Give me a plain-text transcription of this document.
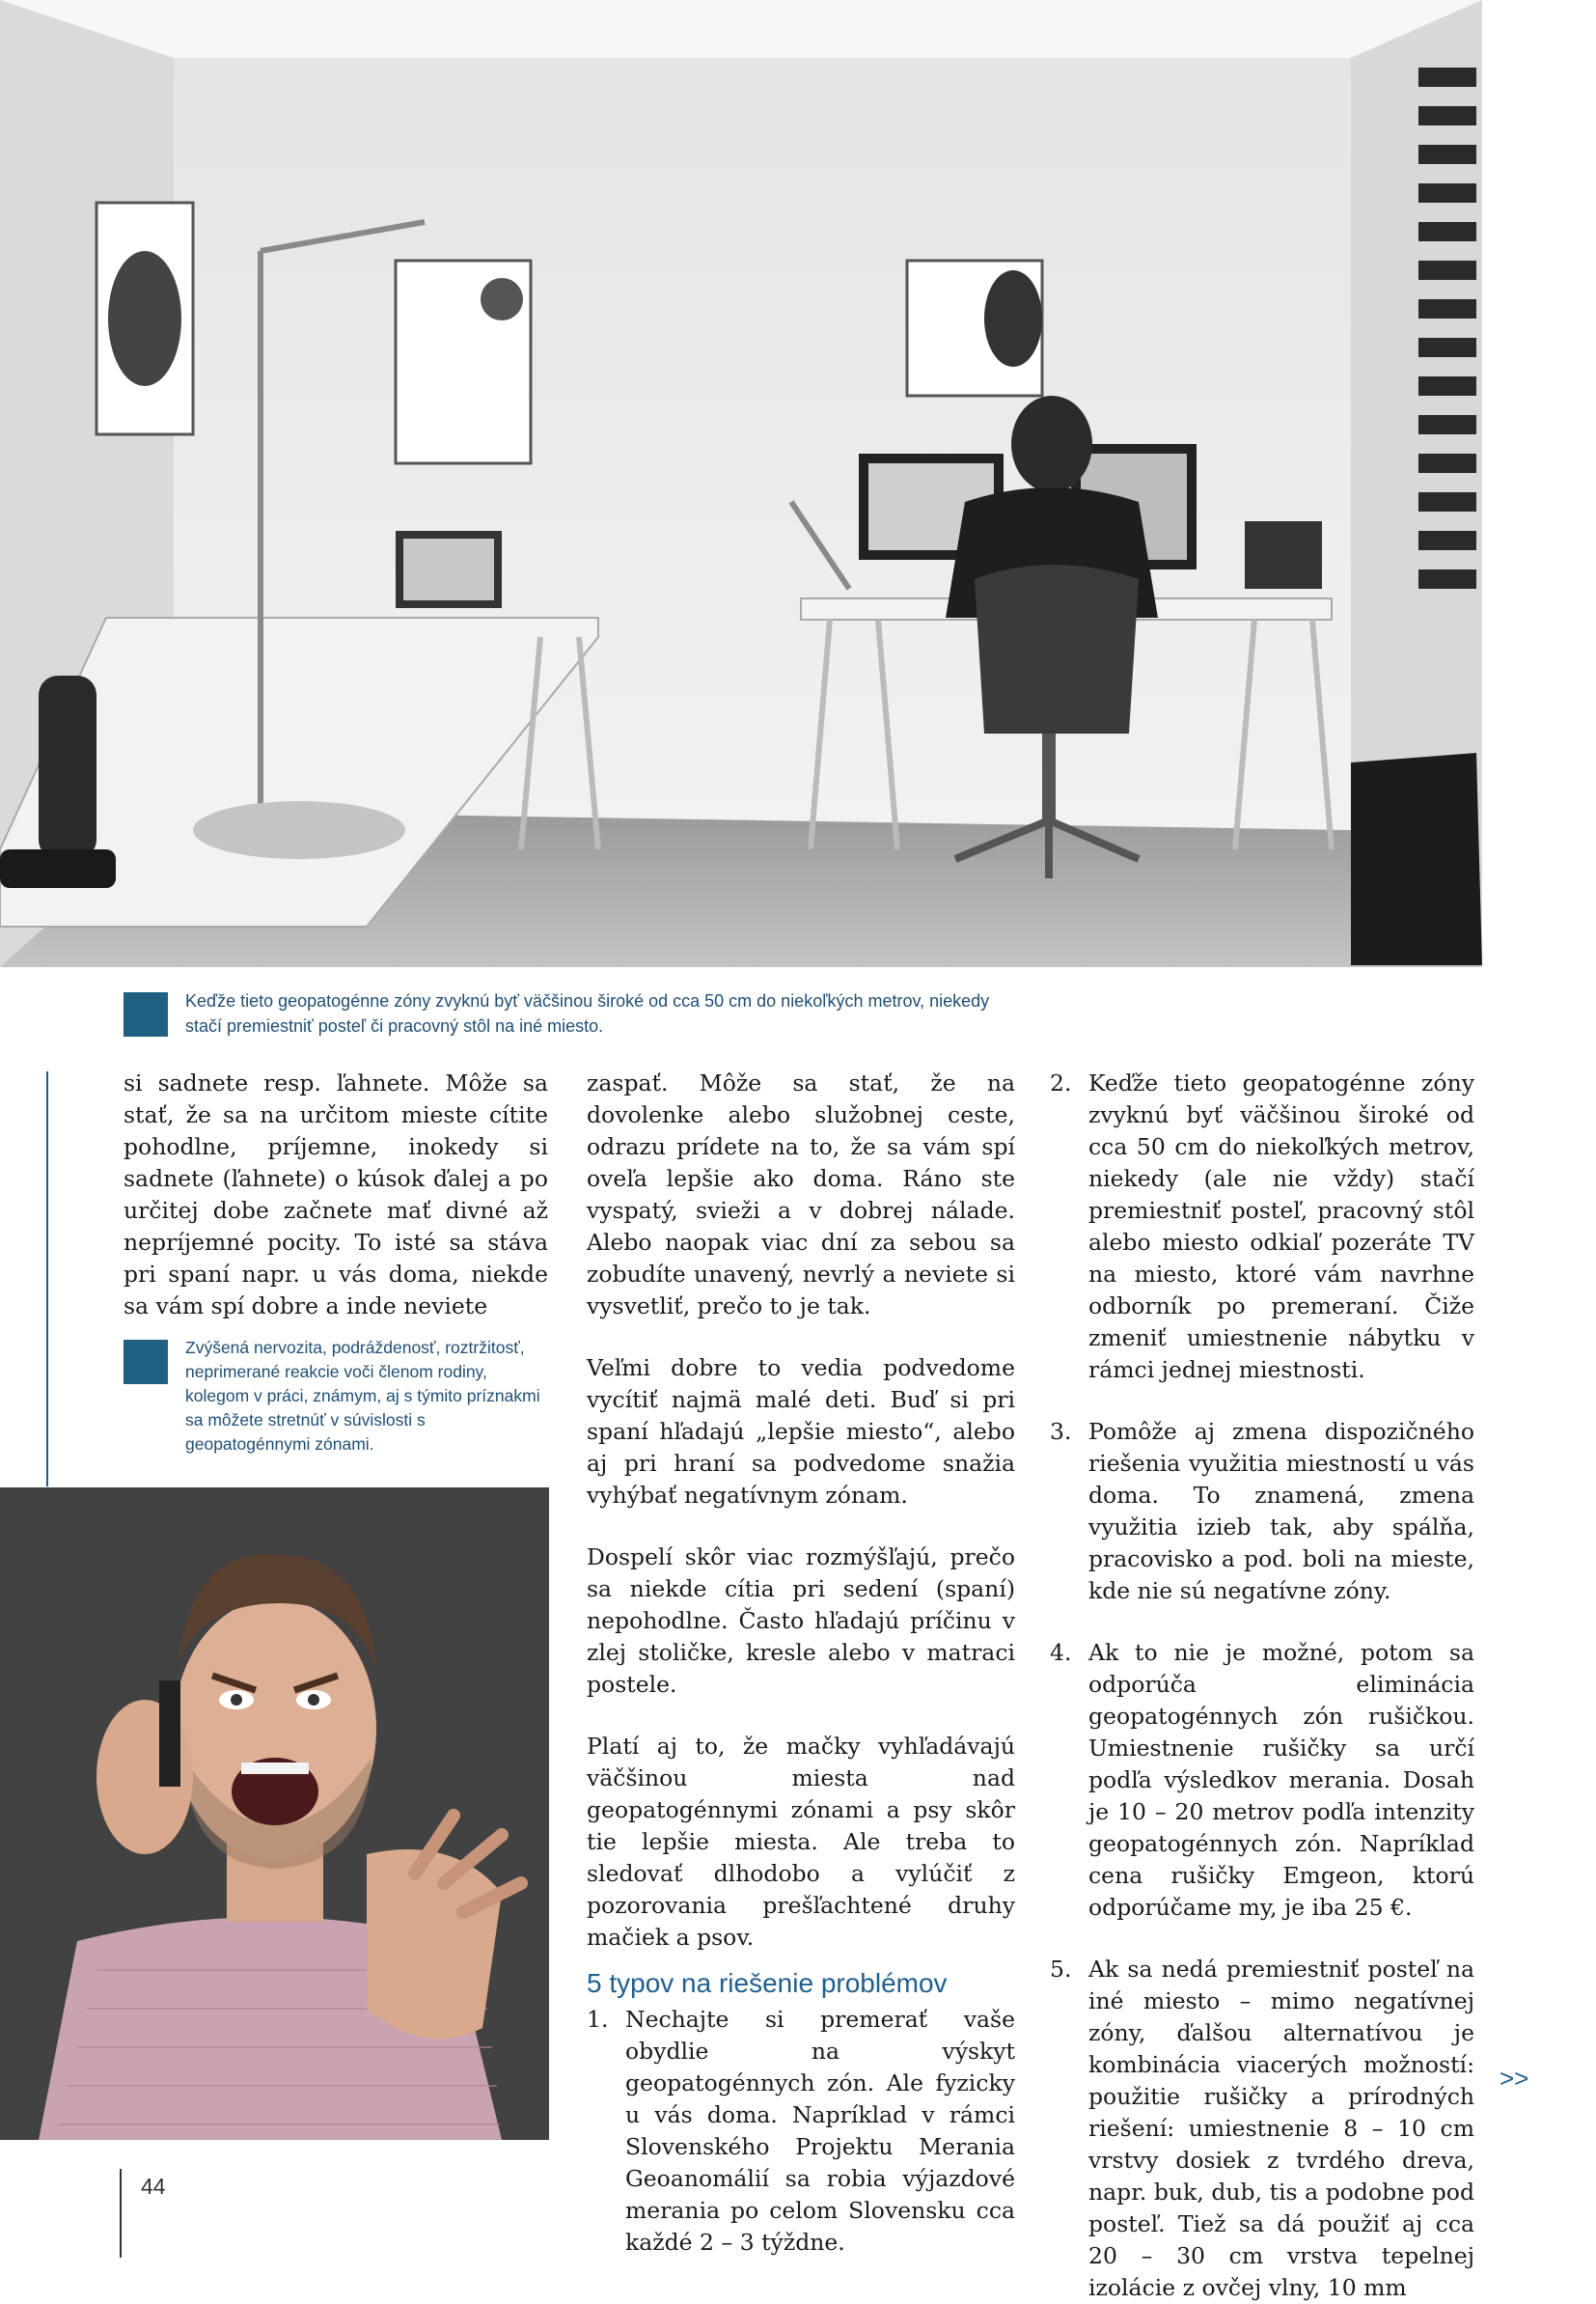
Keďže tieto geopatogénne zóny zvyknú byť väčšinou široké od cca 50 cm do niekoľkých metrov, niekedy stačí premiestniť posteľ či pracovný stôl na iné miesto.

si sadnete resp. ľahnete. Môže sa stať, že sa na určitom mieste cítite pohodlne, príjemne, inokedy si sadnete (ľahnete) o kúsok ďalej a po určitej dobe začnete mať divné až nepríjemné pocity. To isté sa stáva pri spaní napr. u vás doma, niekde sa vám spí dobre a inde neviete

Zvýšená nervozita, podráždenosť, roztržitosť, neprimerané reakcie voči členom rodiny, kolegom v práci, známym, aj s týmito príznakmi sa môžete stretnúť v súvislosti s geopatogénnymi zónami.

zaspať. Môže sa stať, že na dovolenke alebo služobnej ceste, odrazu prídete na to, že sa vám spí oveľa lepšie ako doma. Ráno ste vyspatý, svieži a v dobrej nálade. Alebo naopak viac dní za sebou sa zobudíte unavený, nevrlý a neviete si vysvetliť, prečo to je tak.

Veľmi dobre to vedia podvedome vycítiť najmä malé deti. Buď si pri spaní hľadajú „lepšie miesto“, alebo aj pri hraní sa podvedome snažia vyhýbať negatívnym zónam.

Dospelí skôr viac rozmýšľajú, prečo sa niekde cítia pri sedení (spaní) nepohodlne. Často hľadajú príčinu v zlej stoličke, kresle alebo v matraci postele.

Platí aj to, že mačky vyhľadávajú väčšinou miesta nad geopatogénnymi zónami a psy skôr tie lepšie miesta. Ale treba to sledovať dlhodobo a vylúčiť z pozorovania prešľachtené druhy mačiek a psov.

5 typov na riešenie problémov
1. Nechajte si premerať vaše obydlie na výskyt geopatogénnych zón. Ale fyzicky u vás doma. Napríklad v rámci Slovenského Projektu Merania Geoanomálií sa robia výjazdové merania po celom Slovensku cca každé 2 – 3 týždne.
2. Keďže tieto geopatogénne zóny zvyknú byť väčšinou široké od cca 50 cm do niekoľkých metrov, niekedy (ale nie vždy) stačí premiestniť posteľ, pracovný stôl alebo miesto odkiaľ pozeráte TV na miesto, ktoré vám navrhne odborník po premeraní. Čiže zmeniť umiestnenie nábytku v rámci jednej miestnosti.
3. Pomôže aj zmena dispozičného riešenia využitia miestností u vás doma. To znamená, zmena využitia izieb tak, aby spálňa, pracovisko a pod. boli na mieste, kde nie sú negatívne zóny.
4. Ak to nie je možné, potom sa odporúča eliminácia geopatogénnych zón rušičkou. Umiestnenie rušičky sa určí podľa výsledkov merania. Dosah je 10 – 20 metrov podľa intenzity geopatogénnych zón. Napríklad cena rušičky Emgeon, ktorú odporúčame my, je iba 25 €.
5. Ak sa nedá premiestniť posteľ na iné miesto – mimo negatívnej zóny, ďalšou alternatívou je kombinácia viacerých možností: použitie rušičky a prírodných riešení: umiestnenie 8 – 10 cm vrstvy dosiek z tvrdého dreva, napr. buk, dub, tis a podobne pod posteľ. Tiež sa dá použiť aj cca 20 – 30 cm vrstva tepelnej izolácie z ovčej vlny, 10 mm
>>
44
